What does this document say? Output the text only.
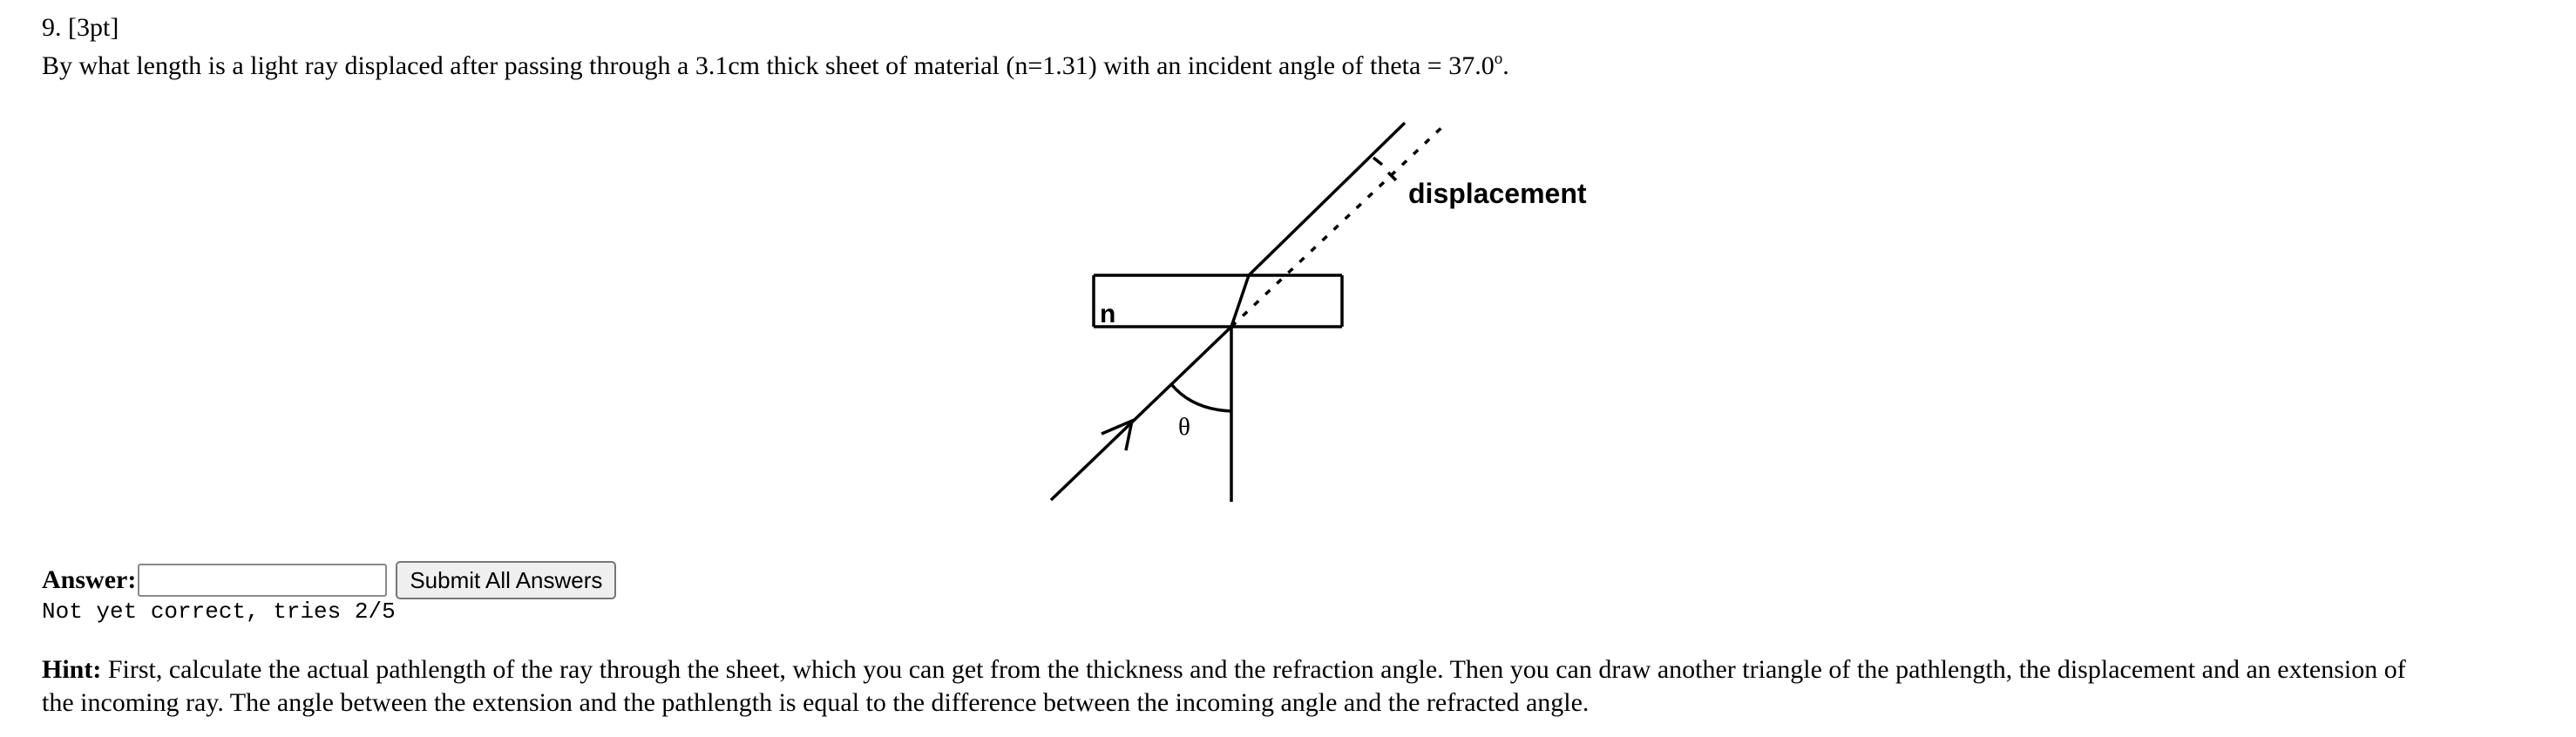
9. [3pt]
By what length is a light ray displaced after passing through a 3.1cm thick sheet of material (n=1.31) with an incident angle of theta = $37.0^o$.
displacement
n
θ
Answer:	Submit All Answers
Not yet correct, tries 2/5
Hint: First, calculate the actual pathlength of the ray through the sheet, which you can get from the thickness and the refraction angle. Then you can draw another triangle of the pathlength, the displacement and an extension of
the incoming ray. The angle between the extension and the pathlength is equal to the difference between the incoming angle and the refracted angle.
